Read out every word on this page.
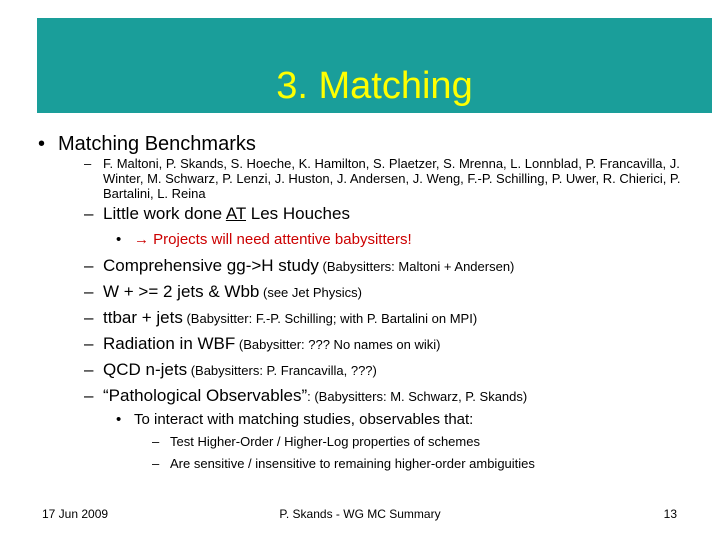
3. Matching
• Matching Benchmarks
– F. Maltoni, P. Skands, S. Hoeche, K. Hamilton, S. Plaetzer, S. Mrenna, L. Lonnblad, P. Francavilla, J.
Winter, M. Schwarz, P. Lenzi, J. Huston, J. Andersen, J. Weng, F.-P. Schilling, P. Uwer, R. Chierici, P.
Bartalini, L. Reina
– Little work done AT Les Houches
• → Projects will need attentive babysitters!
– Comprehensive gg->H study (Babysitters: Maltoni + Andersen)
– W + >= 2 jets & Wbb (see Jet Physics)
– ttbar + jets (Babysitter: F.-P. Schilling; with P. Bartalini on MPI)
– Radiation in WBF (Babysitter: ??? No names on wiki)
– QCD n-jets (Babysitters: P. Francavilla, ???)
– “Pathological Observables”: (Babysitters: M. Schwarz, P. Skands)
• To interact with matching studies, observables that:
– Test Higher-Order / Higher-Log properties of schemes
– Are sensitive / insensitive to remaining higher-order ambiguities
17 Jun 2009	P. Skands - WG MC Summary	13
